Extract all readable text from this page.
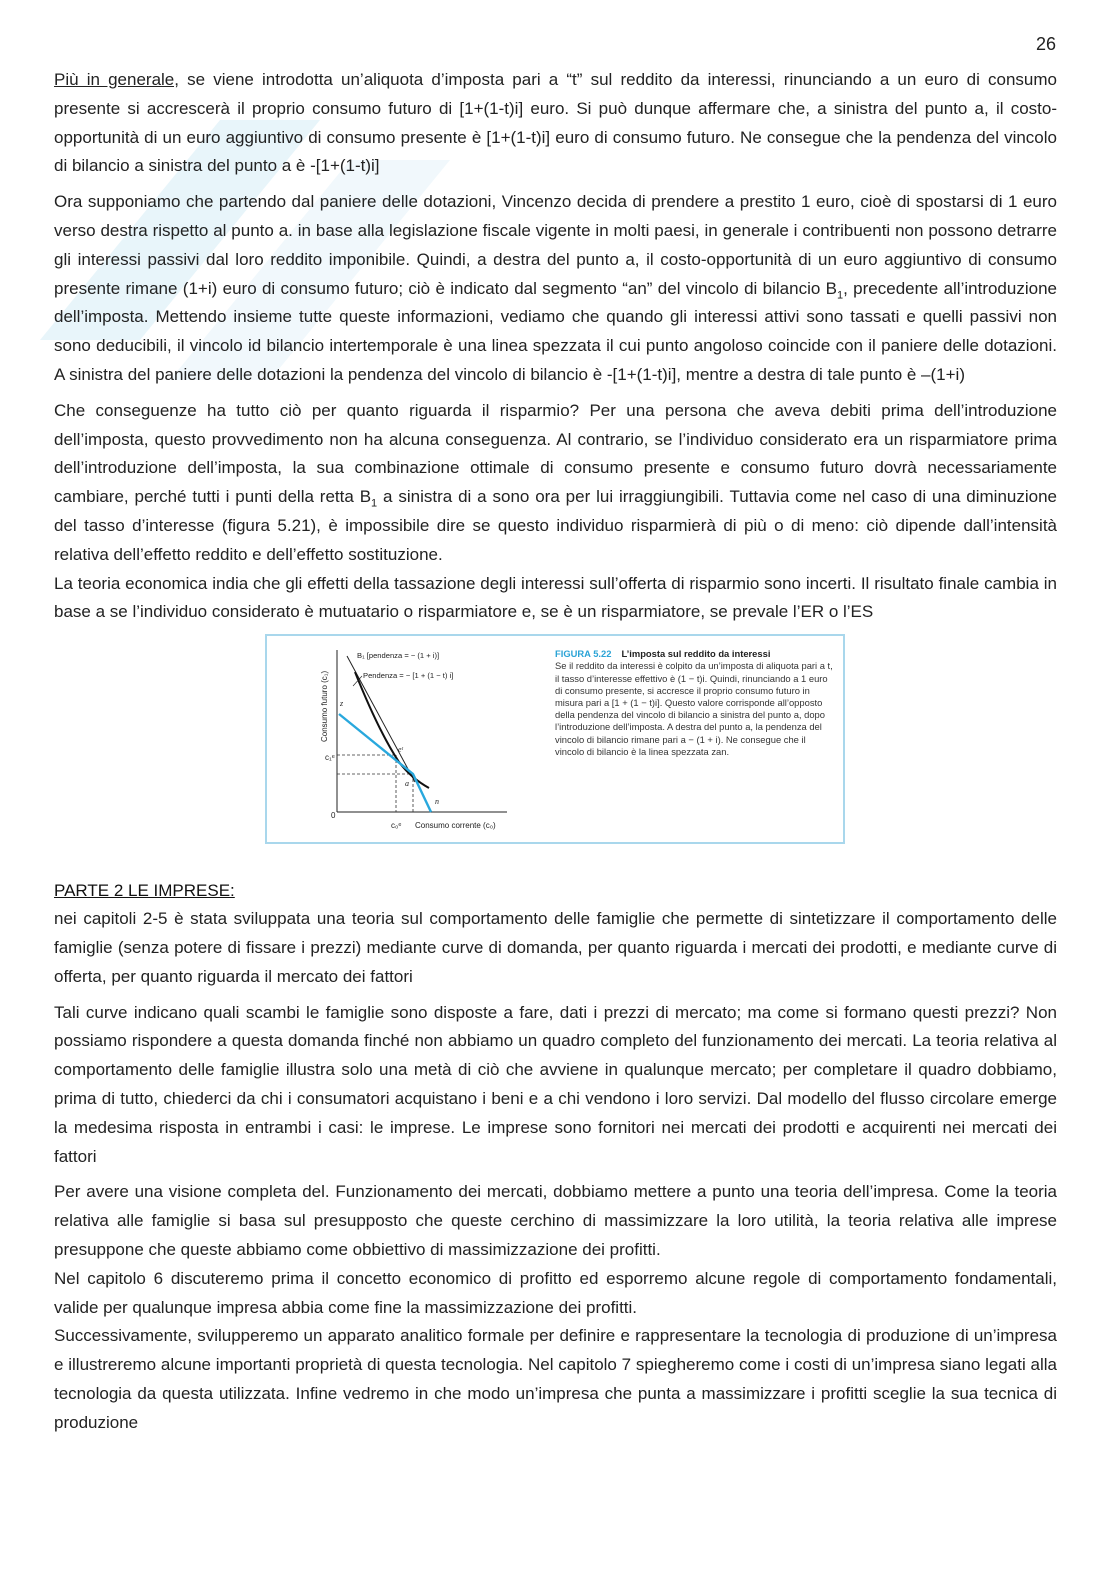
26

Più in generale, se viene introdotta un’aliquota d’imposta pari a “t” sul reddito da interessi, rinunciando a un euro di consumo presente si accrescerà il proprio consumo futuro di [1+(1-t)i] euro. Si può dunque affermare che, a sinistra del punto a, il costo-opportunità di un euro aggiuntivo di consumo presente è [1+(1-t)i] euro di consumo futuro. Ne consegue che la pendenza del vincolo di bilancio a sinistra del punto a è -[1+(1-t)i]

Ora supponiamo che partendo dal paniere delle dotazioni, Vincenzo decida di prendere a prestito 1 euro, cioè di spostarsi di 1 euro verso destra rispetto al punto a. in base alla legislazione fiscale vigente in molti paesi, in generale i contribuenti non possono detrarre gli interessi passivi dal loro reddito imponibile. Quindi, a destra del punto a, il costo-opportunità di un euro aggiuntivo di consumo presente rimane (1+i) euro di consumo futuro; ciò è indicato dal segmento “an” del vincolo di bilancio $B_1$, precedente all’introduzione dell’imposta. Mettendo insieme tutte queste informazioni, vediamo che quando gli interessi attivi sono tassati e quelli passivi non sono deducibili, il vincolo id bilancio intertemporale è una linea spezzata il cui punto angoloso coincide con il paniere delle dotazioni. A sinistra del paniere delle dotazioni la pendenza del vincolo di bilancio è -[1+(1-t)i], mentre a destra di tale punto è –(1+i)

Che conseguenze ha tutto ciò per quanto riguarda il risparmio? Per una persona che aveva debiti prima dell’introduzione dell’imposta, questo provvedimento non ha alcuna conseguenza. Al contrario, se l’individuo considerato era un risparmiatore prima dell’introduzione dell’imposta, la sua combinazione ottimale di consumo presente e consumo futuro dovrà necessariamente cambiare, perché tutti i punti della retta $B_1$ a sinistra di a sono ora per lui irraggiungibili. Tuttavia come nel caso di una diminuzione del tasso d’interesse (figura 5.21), è impossibile dire se questo individuo risparmierà di più o di meno: ciò dipende dall’intensità relativa dell’effetto reddito e dell’effetto sostituzione.

La teoria economica india che gli effetti della tassazione degli interessi sull’offerta di risparmio sono incerti. Il risultato finale cambia in base a se l’individuo considerato è mutuatario o risparmiatore e, se è un risparmiatore, se prevale l’ER o l’ES

0
Consumo futuro (c₁)
Consumo corrente (c₀)
c₁ᵉ
c₀ᵉ
B₁ [pendenza = − (1 + i)]
Pendenza = − [1 + (1 − t) i]
z
eᵗ
a
n
FIGURA 5.22 L’imposta sul reddito da interessi
Se il reddito da interessi è colpito da un’imposta di aliquota pari a t, il tasso d’interesse effettivo è (1 − t)i. Quindi, rinunciando a 1 euro di consumo presente, si accresce il proprio consumo futuro in misura pari a [1 + (1 − t)i]. Questo valore corrisponde all’opposto della pendenza del vincolo di bilancio a sinistra del punto a, dopo l’introduzione dell’imposta. A destra del punto a, la pendenza del vincolo di bilancio rimane pari a − (1 + i). Ne consegue che il vincolo di bilancio è la linea spezzata zan.
PARTE 2 LE IMPRESE:

nei capitoli 2-5 è stata sviluppata una teoria sul comportamento delle famiglie che permette di sintetizzare il comportamento delle famiglie (senza potere di fissare i prezzi) mediante curve di domanda, per quanto riguarda i mercati dei prodotti, e mediante curve di offerta, per quanto riguarda il mercato dei fattori

Tali curve indicano quali scambi le famiglie sono disposte a fare, dati i prezzi di mercato; ma come si formano questi prezzi? Non possiamo rispondere a questa domanda finché non abbiamo un quadro completo del funzionamento dei mercati. La teoria relativa al comportamento delle famiglie illustra solo una metà di ciò che avviene in qualunque mercato; per completare il quadro dobbiamo, prima di tutto, chiederci da chi i consumatori acquistano i beni e a chi vendono i loro servizi. Dal modello del flusso circolare emerge la medesima risposta in entrambi i casi: le imprese. Le imprese sono fornitori nei mercati dei prodotti e acquirenti nei mercati dei fattori

Per avere una visione completa del. Funzionamento dei mercati, dobbiamo mettere a punto una teoria dell’impresa. Come la teoria relativa alle famiglie si basa sul presupposto che queste cerchino di massimizzare la loro utilità, la teoria relativa alle imprese presuppone che queste abbiamo come obbiettivo di massimizzazione dei profitti.

Nel capitolo 6 discuteremo prima il concetto economico di profitto ed esporremo alcune regole di comportamento fondamentali, valide per qualunque impresa abbia come fine la massimizzazione dei profitti.

Successivamente, svilupperemo un apparato analitico formale per definire e rappresentare la tecnologia di produzione di un’impresa e illustreremo alcune importanti proprietà di questa tecnologia. Nel capitolo 7 spiegheremo come i costi di un’impresa siano legati alla tecnologia da questa utilizzata. Infine vedremo in che modo un’impresa che punta a massimizzare i profitti sceglie la sua tecnica di produzione
